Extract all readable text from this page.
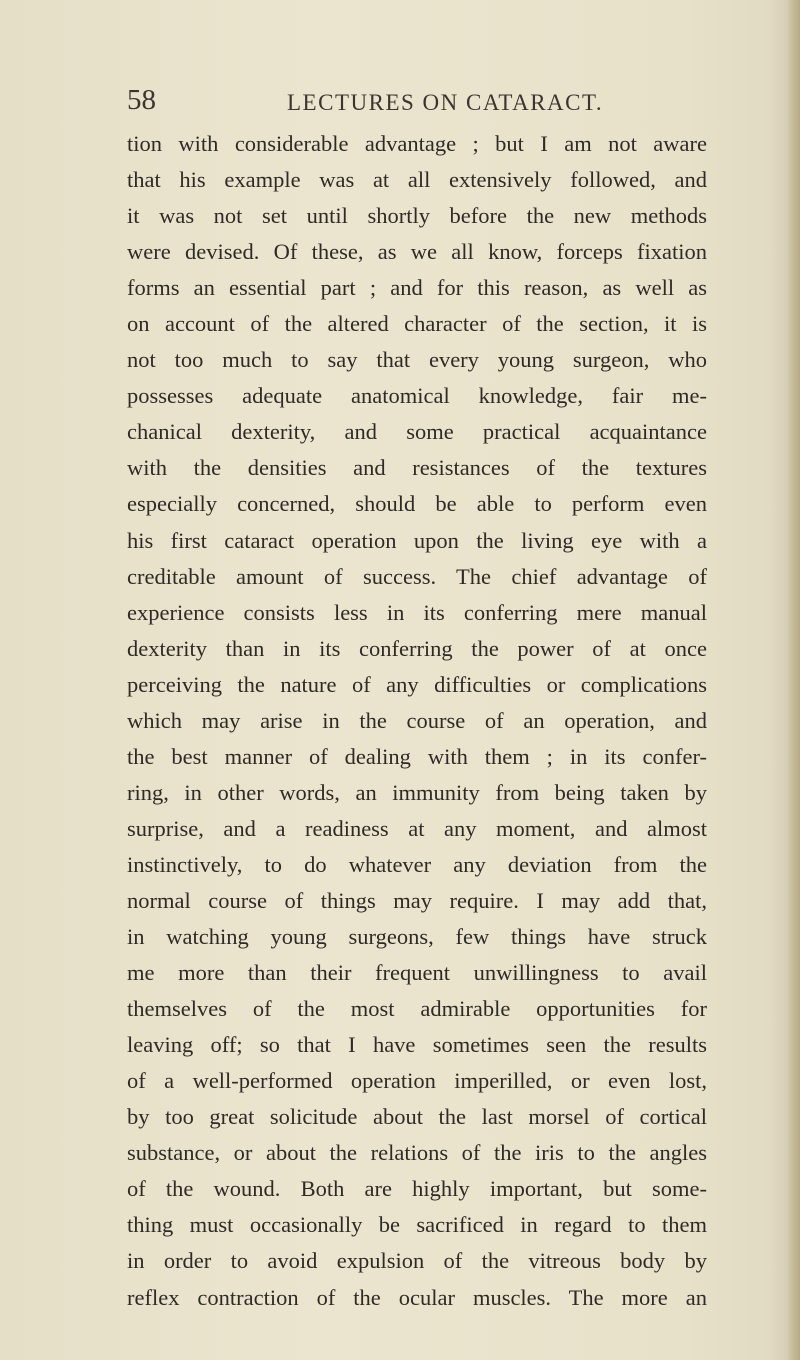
58	LECTURES ON CATARACT.
tion with considerable advantage ; but I am not aware
that his example was at all extensively followed, and
it was not set until shortly before the new methods
were devised. Of these, as we all know, forceps fixation
forms an essential part ; and for this reason, as well as
on account of the altered character of the section, it is
not too much to say that every young surgeon, who
possesses adequate anatomical knowledge, fair me-
chanical dexterity, and some practical acquaintance
with the densities and resistances of the textures
especially concerned, should be able to perform even
his first cataract operation upon the living eye with a
creditable amount of success. The chief advantage of
experience consists less in its conferring mere manual
dexterity than in its conferring the power of at once
perceiving the nature of any difficulties or complications
which may arise in the course of an operation, and
the best manner of dealing with them ; in its confer-
ring, in other words, an immunity from being taken by
surprise, and a readiness at any moment, and almost
instinctively, to do whatever any deviation from the
normal course of things may require. I may add that,
in watching young surgeons, few things have struck
me more than their frequent unwillingness to avail
themselves of the most admirable opportunities for
leaving off; so that I have sometimes seen the results
of a well-performed operation imperilled, or even lost,
by too great solicitude about the last morsel of cortical
substance, or about the relations of the iris to the angles
of the wound. Both are highly important, but some-
thing must occasionally be sacrificed in regard to them
in order to avoid expulsion of the vitreous body by
reflex contraction of the ocular muscles. The more an
